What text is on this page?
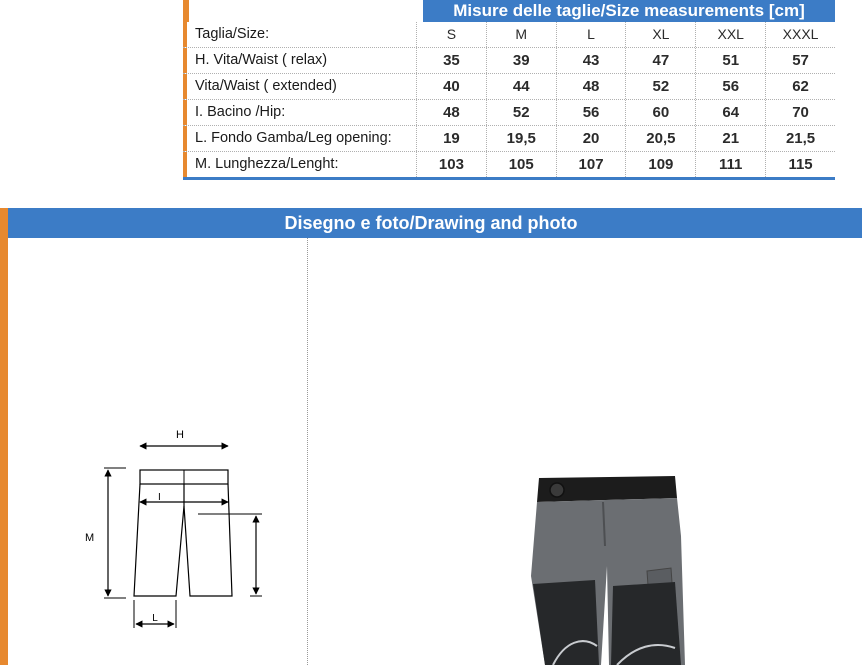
Misure delle taglie/Size measurements [cm]
Taglia/Size:	S	M	L	XL	XXL	XXXL
H. Vita/Waist ( relax)	35	39	43	47	51	57
Vita/Waist ( extended)	40	44	48	52	56	62
I. Bacino /Hip:	48	52	56	60	64	70
L. Fondo Gamba/Leg opening:	19	19,5	20	20,5	21	21,5
M. Lunghezza/Lenght:	103	105	107	109	111	115
Disegno e foto/Drawing and photo
H
I
M
L
